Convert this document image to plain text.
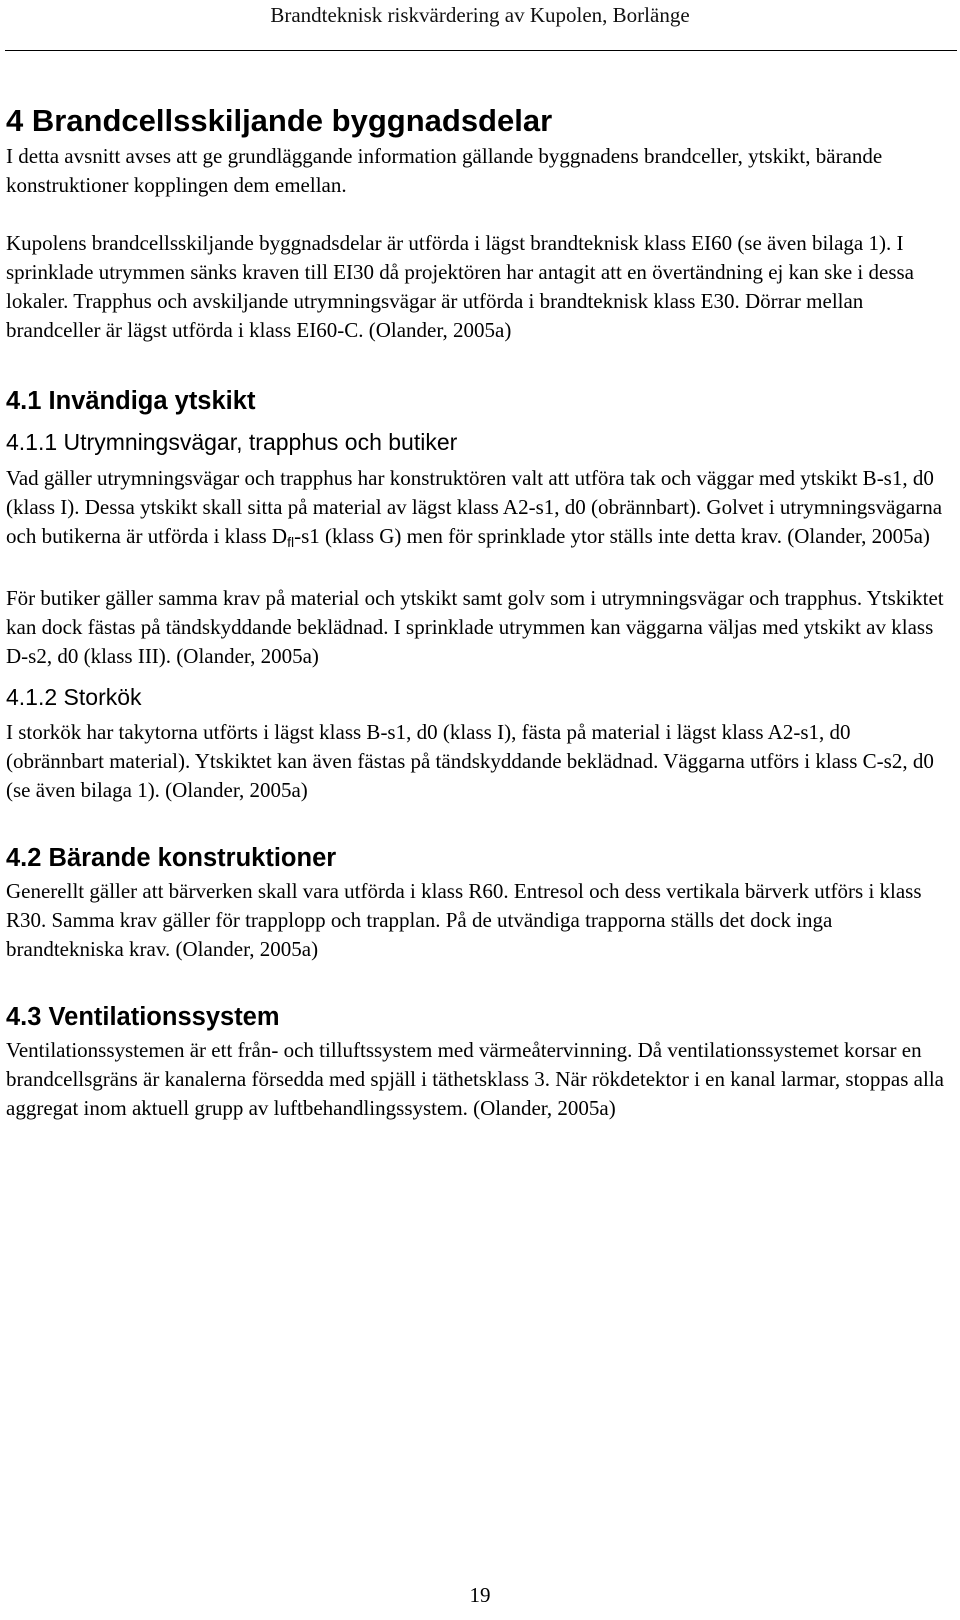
Brandteknisk riskvärdering av Kupolen, Borlänge
4 Brandcellsskiljande byggnadsdelar

I detta avsnitt avses att ge grundläggande information gällande byggnadens brandceller, ytskikt, bärande konstruktioner kopplingen dem emellan.

Kupolens brandcellsskiljande byggnadsdelar är utförda i lägst brandteknisk klass EI60 (se även bilaga 1). I sprinklade utrymmen sänks kraven till EI30 då projektören har antagit att en övertändning ej kan ske i dessa lokaler. Trapphus och avskiljande utrymningsvägar är utförda i brandteknisk klass E30. Dörrar mellan brandceller är lägst utförda i klass EI60-C. (Olander, 2005a)

4.1 Invändiga ytskikt
4.1.1 Utrymningsvägar, trapphus och butiker

Vad gäller utrymningsvägar och trapphus har konstruktören valt att utföra tak och väggar med ytskikt B-s1, d0 (klass I). Dessa ytskikt skall sitta på material av lägst klass A2-s1, d0 (obrännbart). Golvet i utrymningsvägarna och butikerna är utförda i klass $D_{fl}-s1$ (klass G) men för sprinklade ytor ställs inte detta krav. (Olander, 2005a)

För butiker gäller samma krav på material och ytskikt samt golv som i utrymningsvägar och trapphus. Ytskiktet kan dock fästas på tändskyddande beklädnad. I sprinklade utrymmen kan väggarna väljas med ytskikt av klass D-s2, d0 (klass III). (Olander, 2005a)

4.1.2 Storkök

I storkök har takytorna utförts i lägst klass B-s1, d0 (klass I), fästa på material i lägst klass A2-s1, d0 (obrännbart material). Ytskiktet kan även fästas på tändskyddande beklädnad. Väggarna utförs i klass C-s2, d0 (se även bilaga 1). (Olander, 2005a)

4.2 Bärande konstruktioner

Generellt gäller att bärverken skall vara utförda i klass R60. Entresol och dess vertikala bärverk utförs i klass R30. Samma krav gäller för trapplopp och trapplan. På de utvändiga trapporna ställs det dock inga brandtekniska krav. (Olander, 2005a)

4.3 Ventilationssystem

Ventilationssystemen är ett från- och tilluftssystem med värmeåtervinning. Då ventilationssystemet korsar en brandcellsgräns är kanalerna försedda med spjäll i täthetsklass 3. När rökdetektor i en kanal larmar, stoppas alla aggregat inom aktuell grupp av luftbehandlingssystem. (Olander, 2005a)

19
